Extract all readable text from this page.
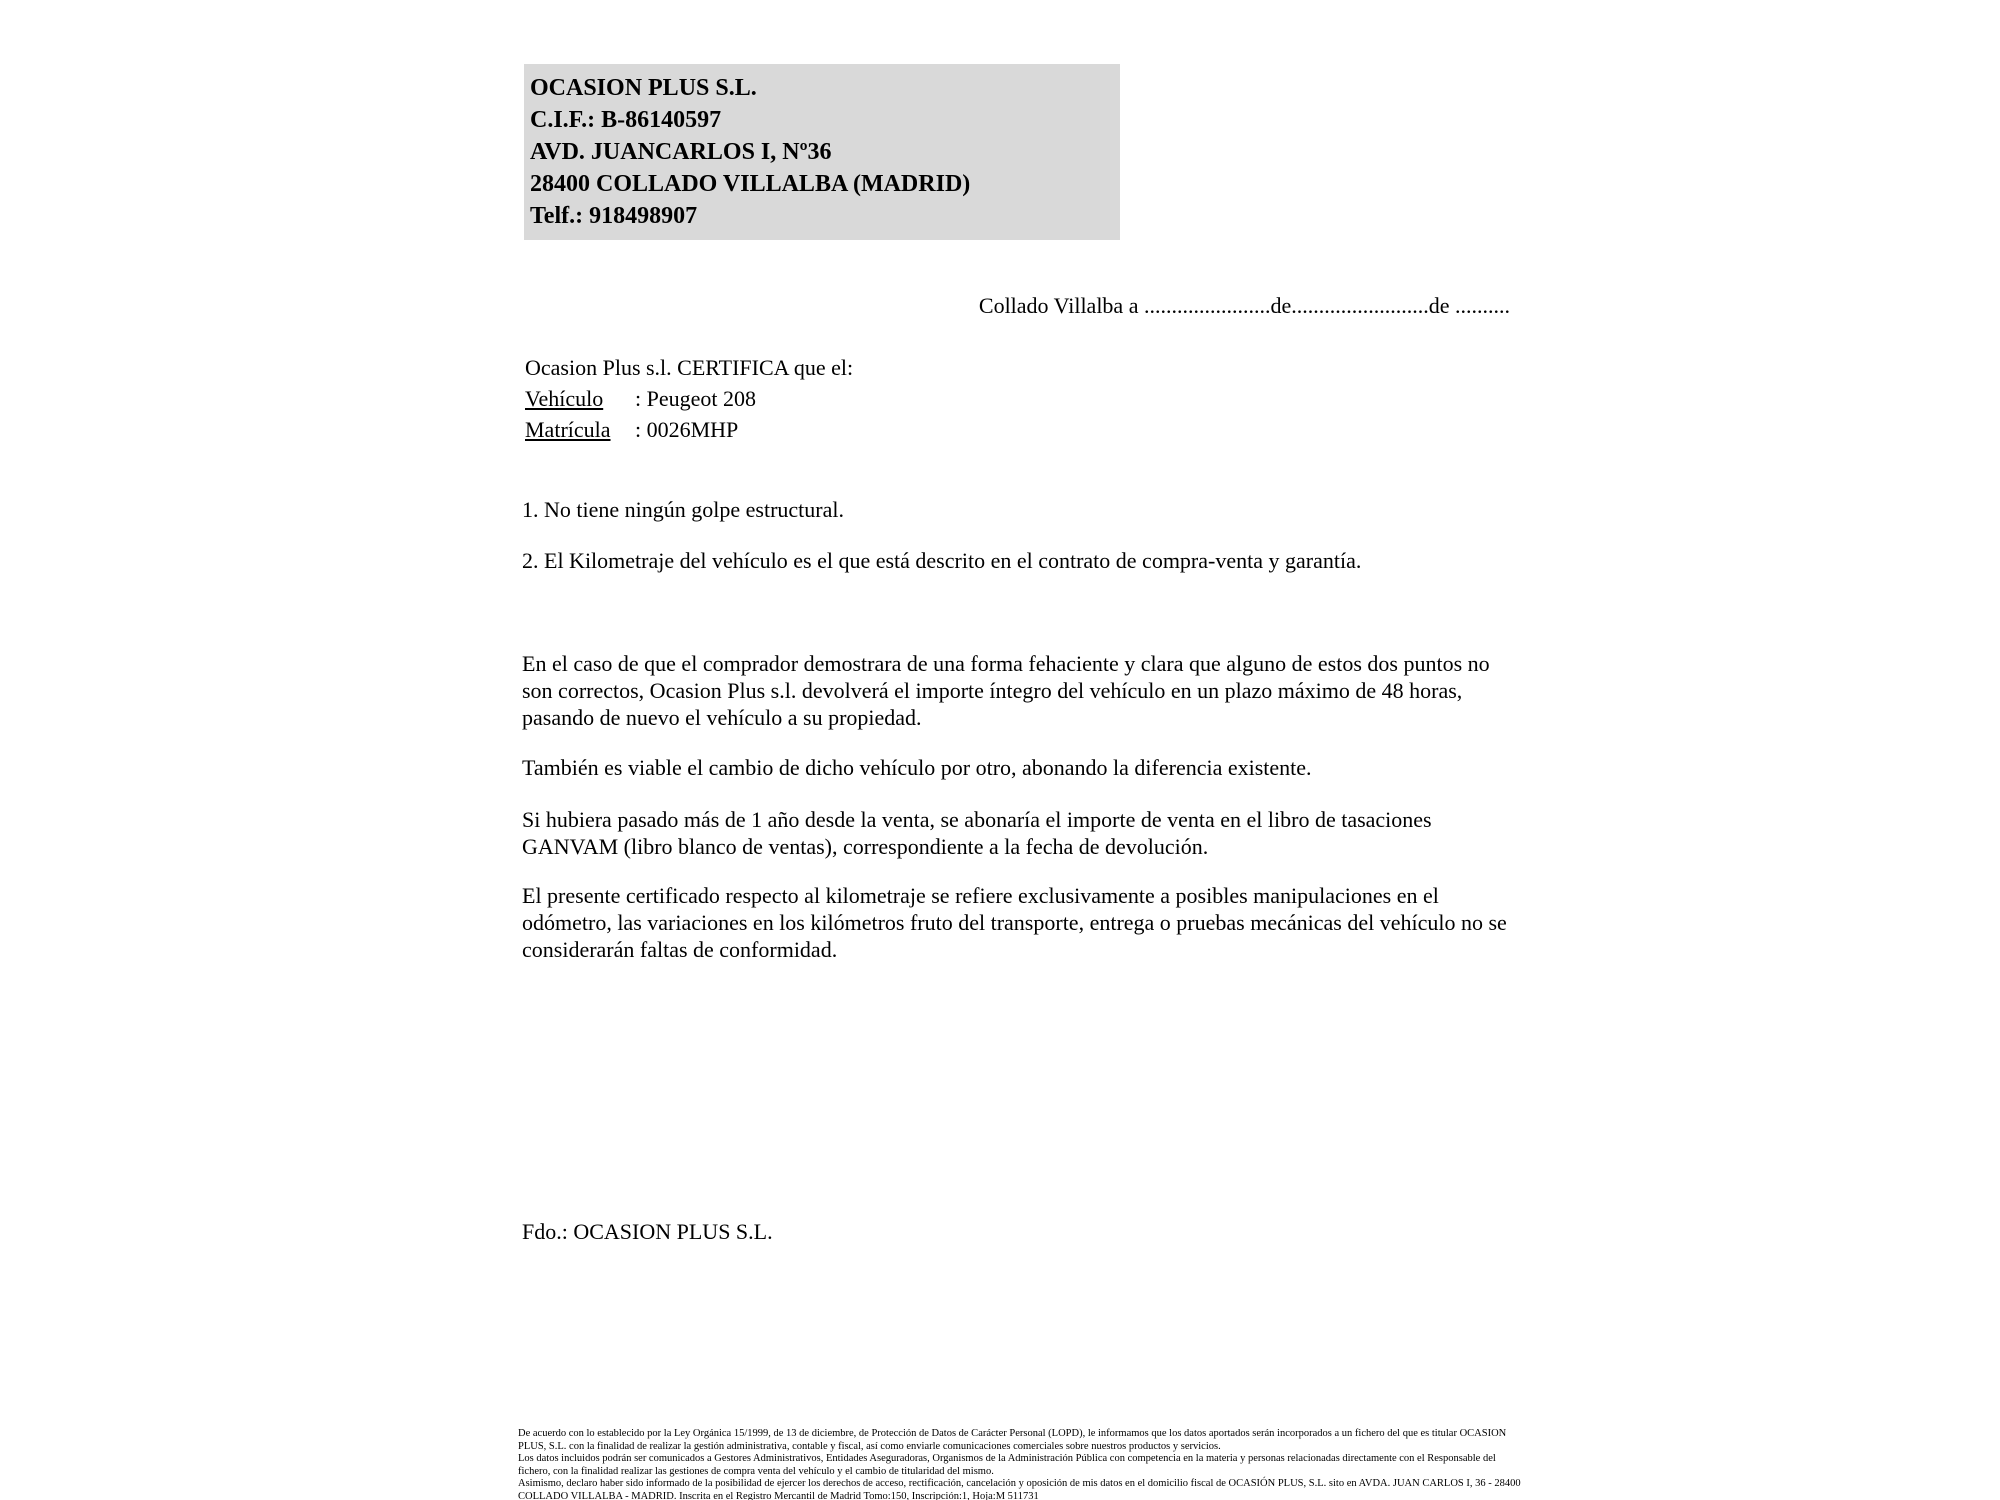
OCASION PLUS S.L.

C.I.F.: B-86140597

AVD. JUANCARLOS I, Nº36

28400 COLLADO VILLALBA (MADRID)

Telf.: 918498907

Collado Villalba a .......................de.........................de ..........

Ocasion Plus s.l. CERTIFICA que el:

Vehículo : Peugeot 208

Matrícula : 0026MHP

1. No tiene ningún golpe estructural.

2. El Kilometraje del vehículo es el que está descrito en el contrato de compra-venta y garantía.

En el caso de que el comprador demostrara de una forma fehaciente y clara que alguno de estos dos puntos no son correctos, Ocasion Plus s.l. devolverá el importe íntegro del vehículo en un plazo máximo de 48 horas, pasando de nuevo el vehículo a su propiedad.

También es viable el cambio de dicho vehículo por otro, abonando la diferencia existente.

Si hubiera pasado más de 1 año desde la venta, se abonaría el importe de venta en el libro de tasaciones GANVAM (libro blanco de ventas), correspondiente a la fecha de devolución.

El presente certificado respecto al kilometraje se refiere exclusivamente a posibles manipulaciones en el odómetro, las variaciones en los kilómetros fruto del transporte, entrega o pruebas mecánicas del vehículo no se considerarán faltas de conformidad.

Fdo.: OCASION PLUS S.L.

De acuerdo con lo establecido por la Ley Orgánica 15/1999, de 13 de diciembre, de Protección de Datos de Carácter Personal (LOPD), le informamos que los datos aportados serán incorporados a un fichero del que es titular OCASION PLUS, S.L. con la finalidad de realizar la gestión administrativa, contable y fiscal, así como enviarle comunicaciones comerciales sobre nuestros productos y servicios.

Los datos incluidos podrán ser comunicados a Gestores Administrativos, Entidades Aseguradoras, Organismos de la Administración Pública con competencia en la materia y personas relacionadas directamente con el Responsable del fichero, con la finalidad realizar las gestiones de compra venta del vehículo y el cambio de titularidad del mismo.

Asimismo, declaro haber sido informado de la posibilidad de ejercer los derechos de acceso, rectificación, cancelación y oposición de mis datos en el domicilio fiscal de OCASIÓN PLUS, S.L. sito en AVDA. JUAN CARLOS I, 36 - 28400 COLLADO VILLALBA - MADRID. Inscrita en el Registro Mercantil de Madrid Tomo:150, Inscripción:1, Hoja:M 511731
